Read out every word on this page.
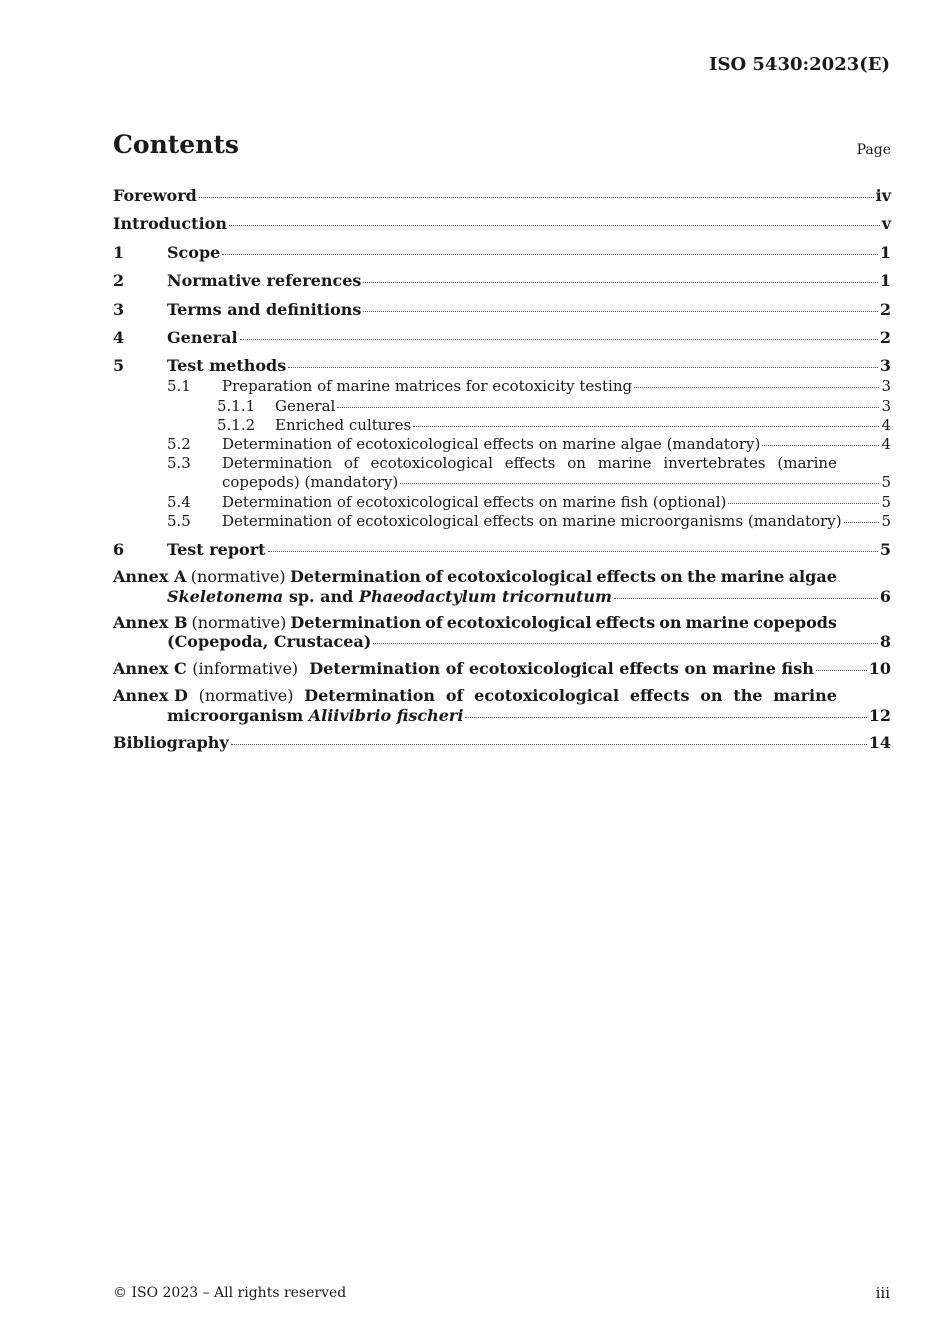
ISO 5430:2023(E)
Contents	Page
Foreword	iv
Introduction	v
1	Scope	1
2	Normative references	1
3	Terms and definitions	2
4	General	2
5	Test methods	3
5.1	Preparation of marine matrices for ecotoxicity testing	3
5.1.1	General	3
5.1.2	Enriched cultures	4
5.2	Determination of ecotoxicological effects on marine algae (mandatory)	4
5.3 Determination of ecotoxicological effects on marine invertebrates (marine
copepods) (mandatory)	5
5.4	Determination of ecotoxicological effects on marine fish (optional)	5
5.5	Determination of ecotoxicological effects on marine microorganisms (mandatory)	5
6	Test report	5
Annex A (normative) Determination of ecotoxicological effects on the marine algae
Skeletonema sp. and Phaeodactylum tricornutum	6
Annex B (normative) Determination of ecotoxicological effects on marine copepods
(Copepoda, Crustacea)	8
Annex C (informative) Determination of ecotoxicological effects on marine fish	10
Annex D (normative) Determination of ecotoxicological effects on the marine
microorganism Aliivibrio fischeri	12
Bibliography	14
© ISO 2023 – All rights reserved	iii
